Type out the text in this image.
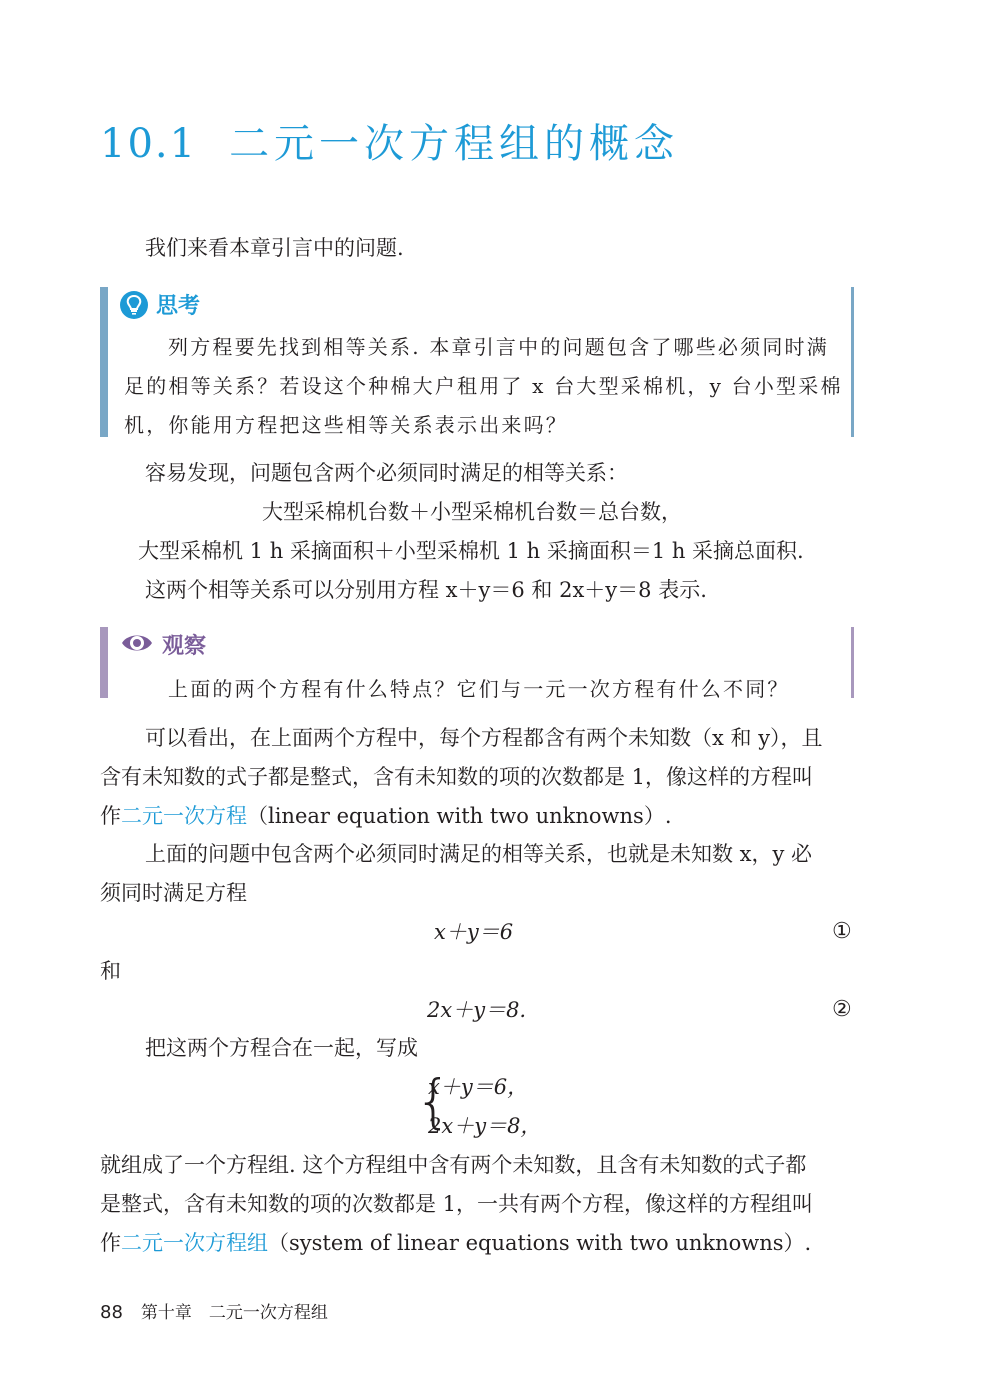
10.1 二元一次方程组的概念
我们来看本章引言中的问题.
思考
列方程要先找到相等关系. 本章引言中的问题包含了哪些必须同时满
足的相等关系？若设这个种棉大户租用了 x 台大型采棉机，y 台小型采棉
机，你能用方程把这些相等关系表示出来吗？
容易发现，问题包含两个必须同时满足的相等关系：
大型采棉机台数＋小型采棉机台数＝总台数，
大型采棉机 1 h 采摘面积＋小型采棉机 1 h 采摘面积＝1 h 采摘总面积.
这两个相等关系可以分别用方程 x＋y＝6 和 2x＋y＝8 表示.
观察
上面的两个方程有什么特点？它们与一元一次方程有什么不同？
可以看出，在上面两个方程中，每个方程都含有两个未知数（x 和 y），且
含有未知数的式子都是整式，含有未知数的项的次数都是 1，像这样的方程叫
作二元一次方程（linear equation with two unknowns）.
上面的问题中包含两个必须同时满足的相等关系，也就是未知数 x，y 必
须同时满足方程
x＋y＝6	①
和
2x＋y＝8.	②
把这两个方程合在一起，写成
{
x＋y＝6，
2x＋y＝8，
就组成了一个方程组. 这个方程组中含有两个未知数，且含有未知数的式子都
是整式，含有未知数的项的次数都是 1，一共有两个方程，像这样的方程组叫
作二元一次方程组（system of linear equations with two unknowns）.
88 第十章　二元一次方程组
